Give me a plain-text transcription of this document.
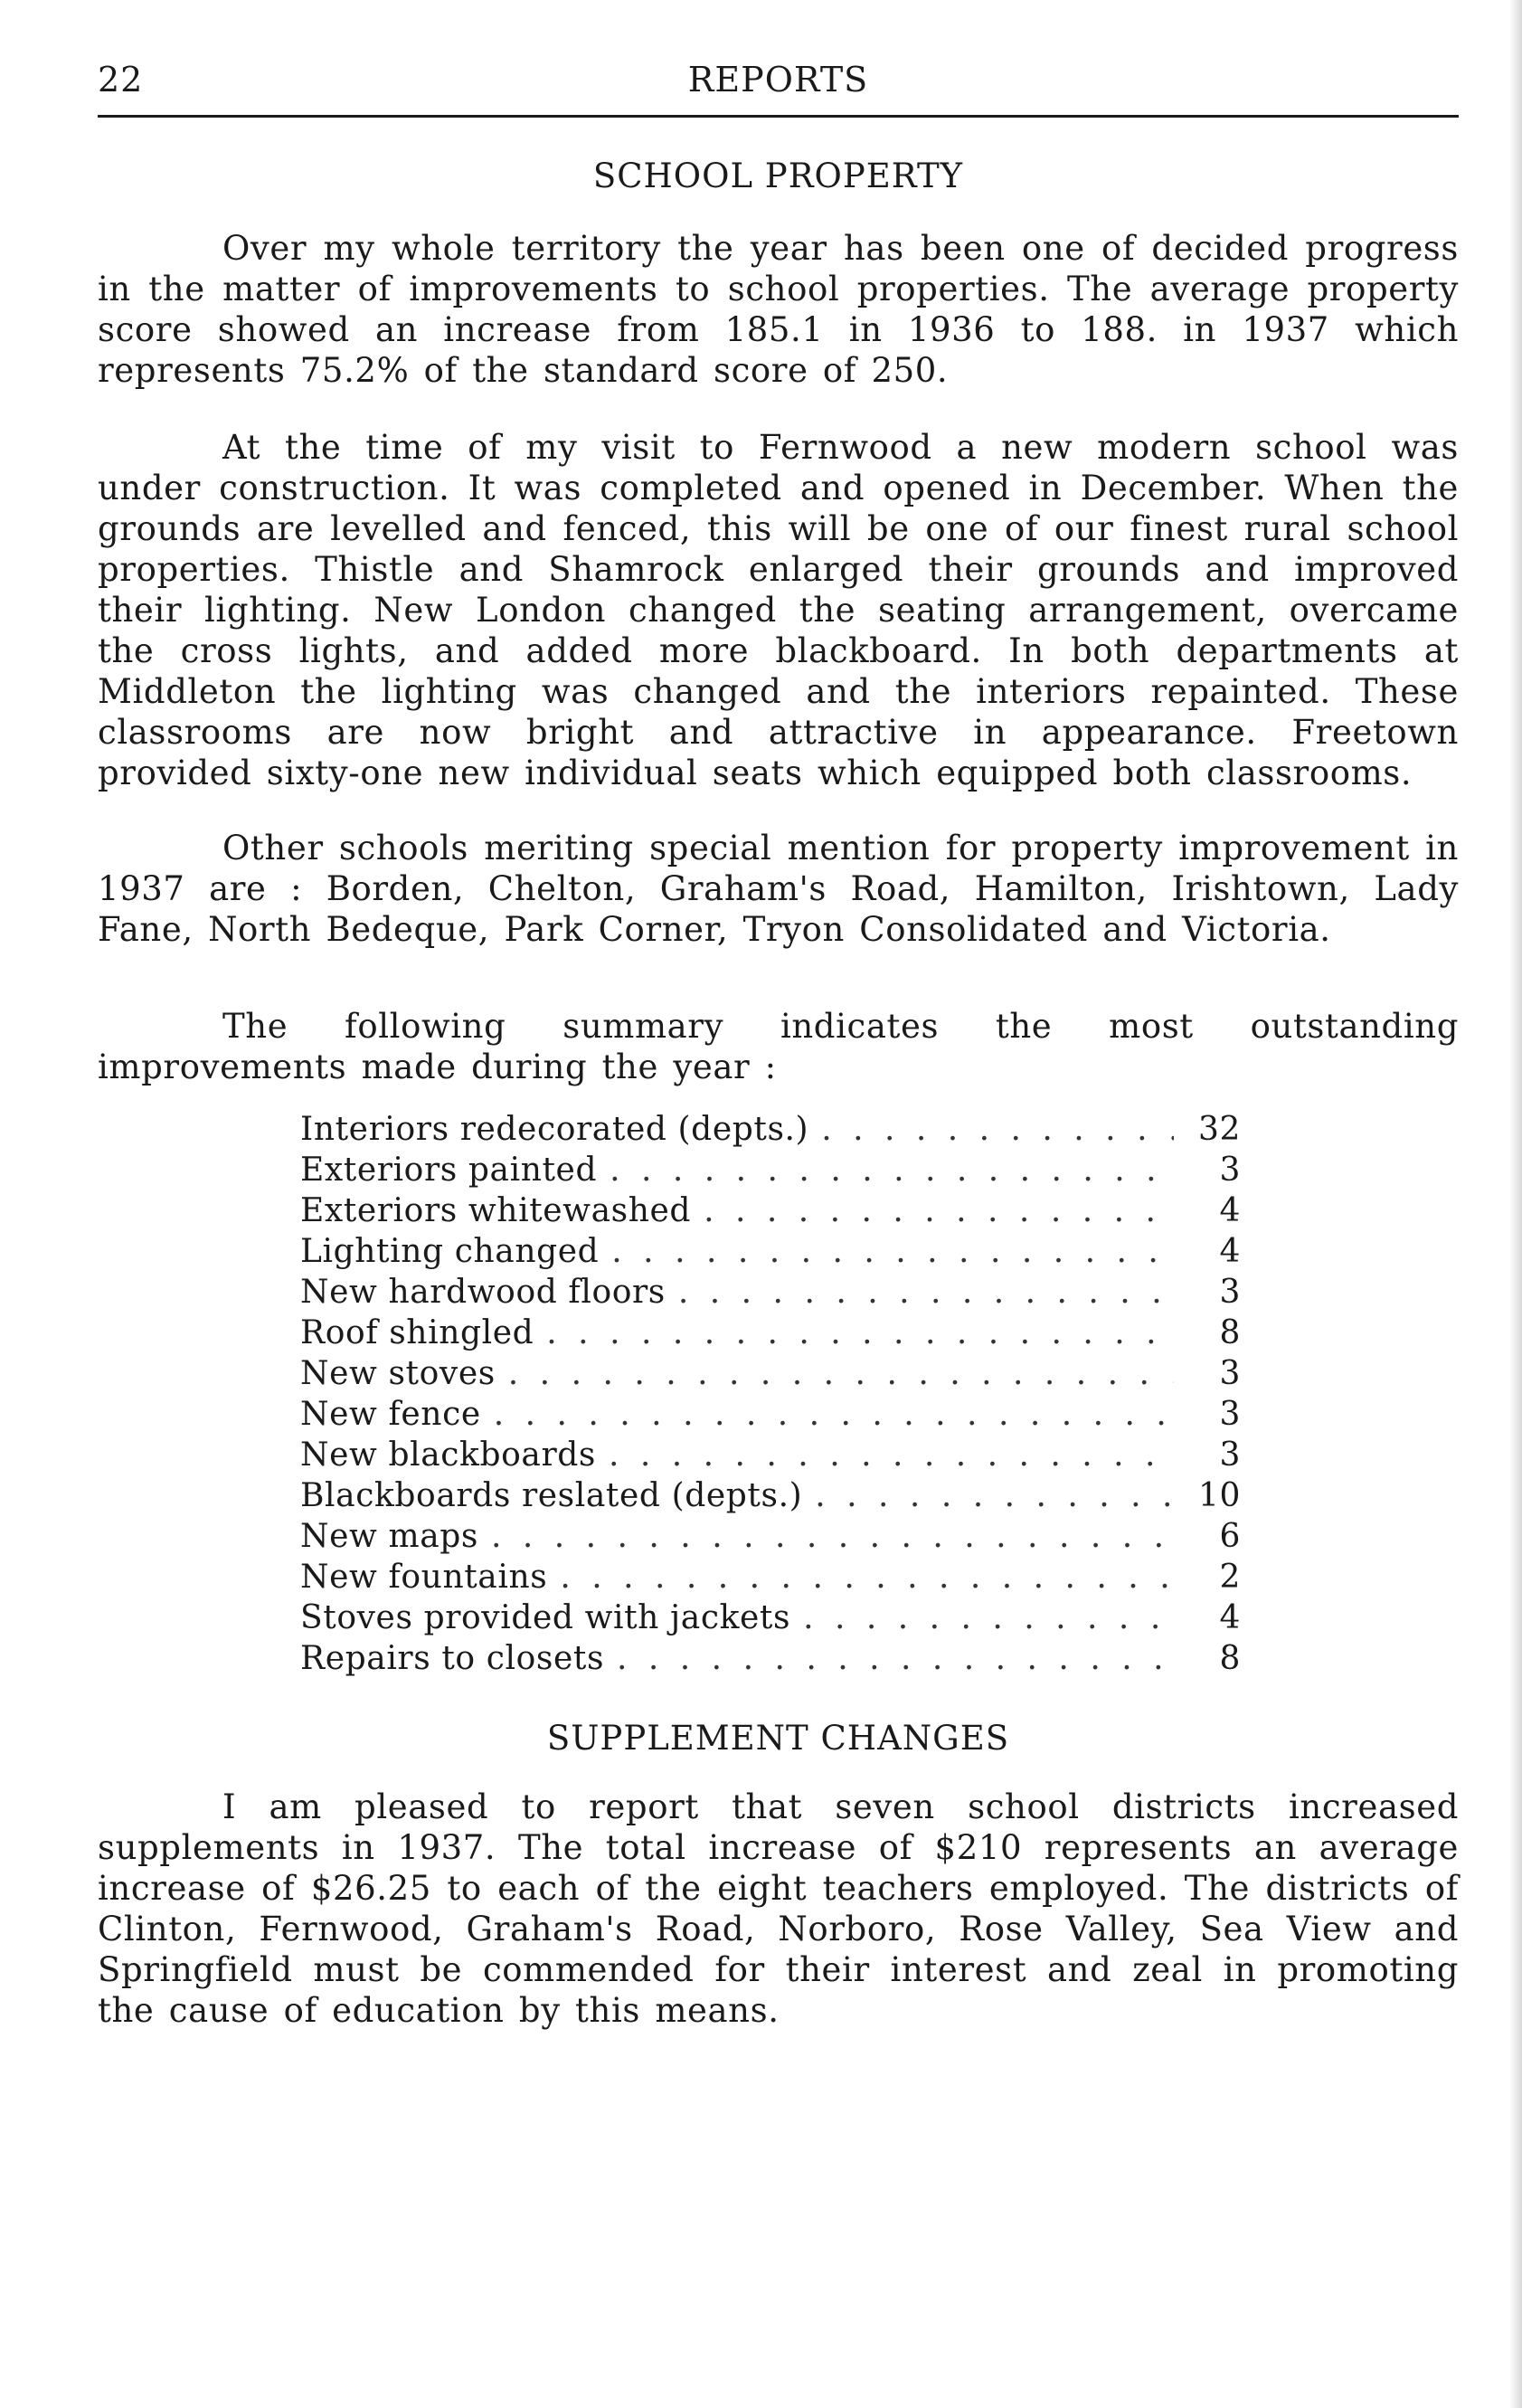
22	REPORTS
SCHOOL PROPERTY

Over my whole territory the year has been one of decided progress in the matter of improvements to school properties. The average property score showed an increase from 185.1 in 1936 to 188. in 1937 which represents 75.2% of the standard score of 250.

At the time of my visit to Fernwood a new modern school was under construction. It was completed and opened in December. When the grounds are levelled and fenced, this will be one of our finest rural school properties. Thistle and Shamrock enlarged their grounds and improved their lighting. New London changed the seating arrangement, overcame the cross lights, and added more blackboard. In both departments at Middleton the lighting was changed and the interiors repainted. These classrooms are now bright and attractive in appearance. Freetown provided sixty-one new individual seats which equipped both classrooms.

Other schools meriting special mention for property improvement in 1937 are : Borden, Chelton, Graham's Road, Hamilton, Irishtown, Lady Fane, North Bedeque, Park Corner, Tryon Consolidated and Victoria.

The following summary indicates the most outstanding improvements made during the year :

Interiors redecorated (depts.) . . .	32
Exteriors painted . . .	3
Exteriors whitewashed . . .	4
Lighting changed . . .	4
New hardwood floors . . .	3
Roof shingled . . .	8
New stoves . . .	3
New fence . . .	3
New blackboards . . .	3
Blackboards reslated (depts.) . . .	10
New maps . . .	6
New fountains . . .	2
Stoves provided with jackets . . .	4
Repairs to closets . . .	8
SUPPLEMENT CHANGES

I am pleased to report that seven school districts increased supplements in 1937. The total increase of $210 represents an average increase of $26.25 to each of the eight teachers employed. The districts of Clinton, Fernwood, Graham's Road, Norboro, Rose Valley, Sea View and Springfield must be commended for their interest and zeal in promoting the cause of education by this means.
